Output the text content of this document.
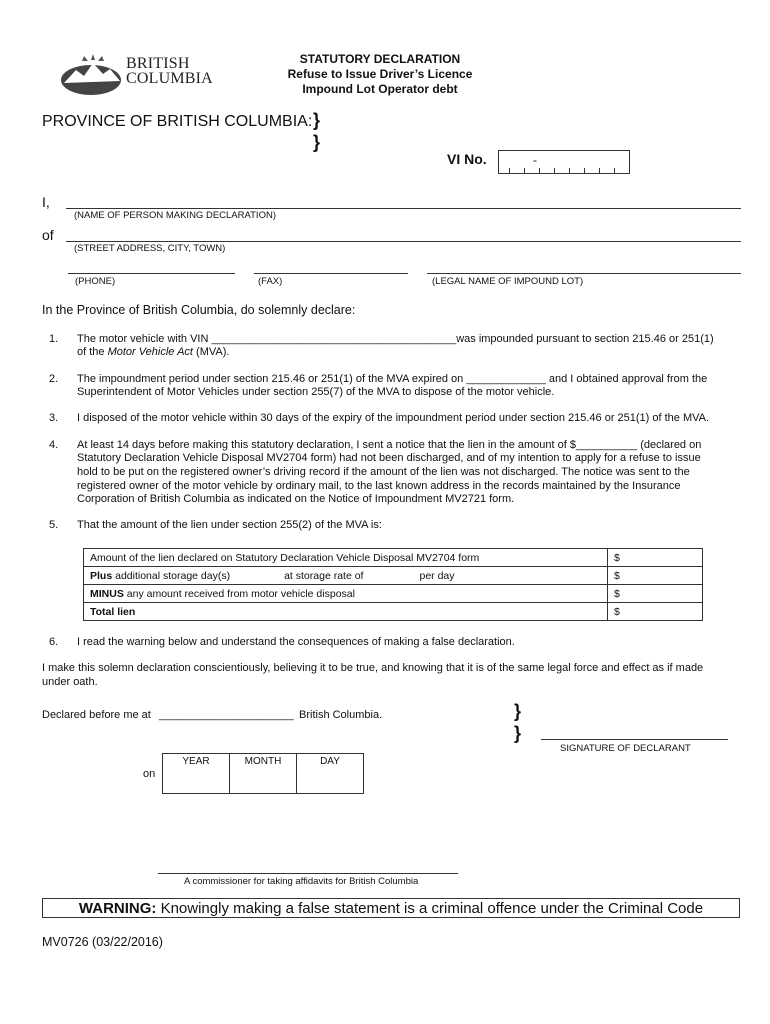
BRITISH
COLUMBIA
STATUTORY DECLARATION
Refuse to Issue Driver’s Licence
Impound Lot Operator debt
PROVINCE OF BRITISH COLUMBIA: }
}
VI No.	-
I,
(NAME OF PERSON MAKING DECLARATION)
of
(STREET ADDRESS, CITY, TOWN)
(PHONE)	(FAX)	(LEGAL NAME OF IMPOUND LOT)
In the Province of British Columbia, do solemnly declare:
1. The motor vehicle with VIN ________________________________________was impounded pursuant to section 215.46 or 251(1)
of the Motor Vehicle Act (MVA).
2. The impoundment period under section 215.46 or 251(1) of the MVA expired on _____________ and I obtained approval from the
Superintendent of Motor Vehicles under section 255(7) of the MVA to dispose of the motor vehicle.
3. I disposed of the motor vehicle within 30 days of the expiry of the impoundment period under section 215.46 or 251(1) of the MVA.
4. At least 14 days before making this statutory declaration, I sent a notice that the lien in the amount of $__________ (declared on
Statutory Declaration Vehicle Disposal MV2704 form) had not been discharged, and of my intention to apply for a refuse to issue
hold to be put on the registered owner’s driving record if the amount of the lien was not discharged. The notice was sent to the
registered owner of the motor vehicle by ordinary mail, to the last known address in the records maintained by the Insurance
Corporation of British Columbia as indicated on the Notice of Impoundment MV2721 form.
5. That the amount of the lien under section 255(2) of the MVA is:
Amount of the lien declared on Statutory Declaration Vehicle Disposal MV2704 form	$
Plus additional storage day(s) at storage rate of per day	$
MINUS any amount received from motor vehicle disposal	$
Total lien	$
6. I read the warning below and understand the consequences of making a false declaration.
I make this solemn declaration conscientiously, believing it to be true, and knowing that it is of the same legal force and effect as if made
under oath.
Declared before me at ______________________ British Columbia.	}
}
SIGNATURE OF DECLARANT
on
YEAR	MONTH	DAY
A commissioner for taking affidavits for British Columbia
WARNING: Knowingly making a false statement is a criminal offence under the Criminal Code
MV0726 (03/22/2016)
